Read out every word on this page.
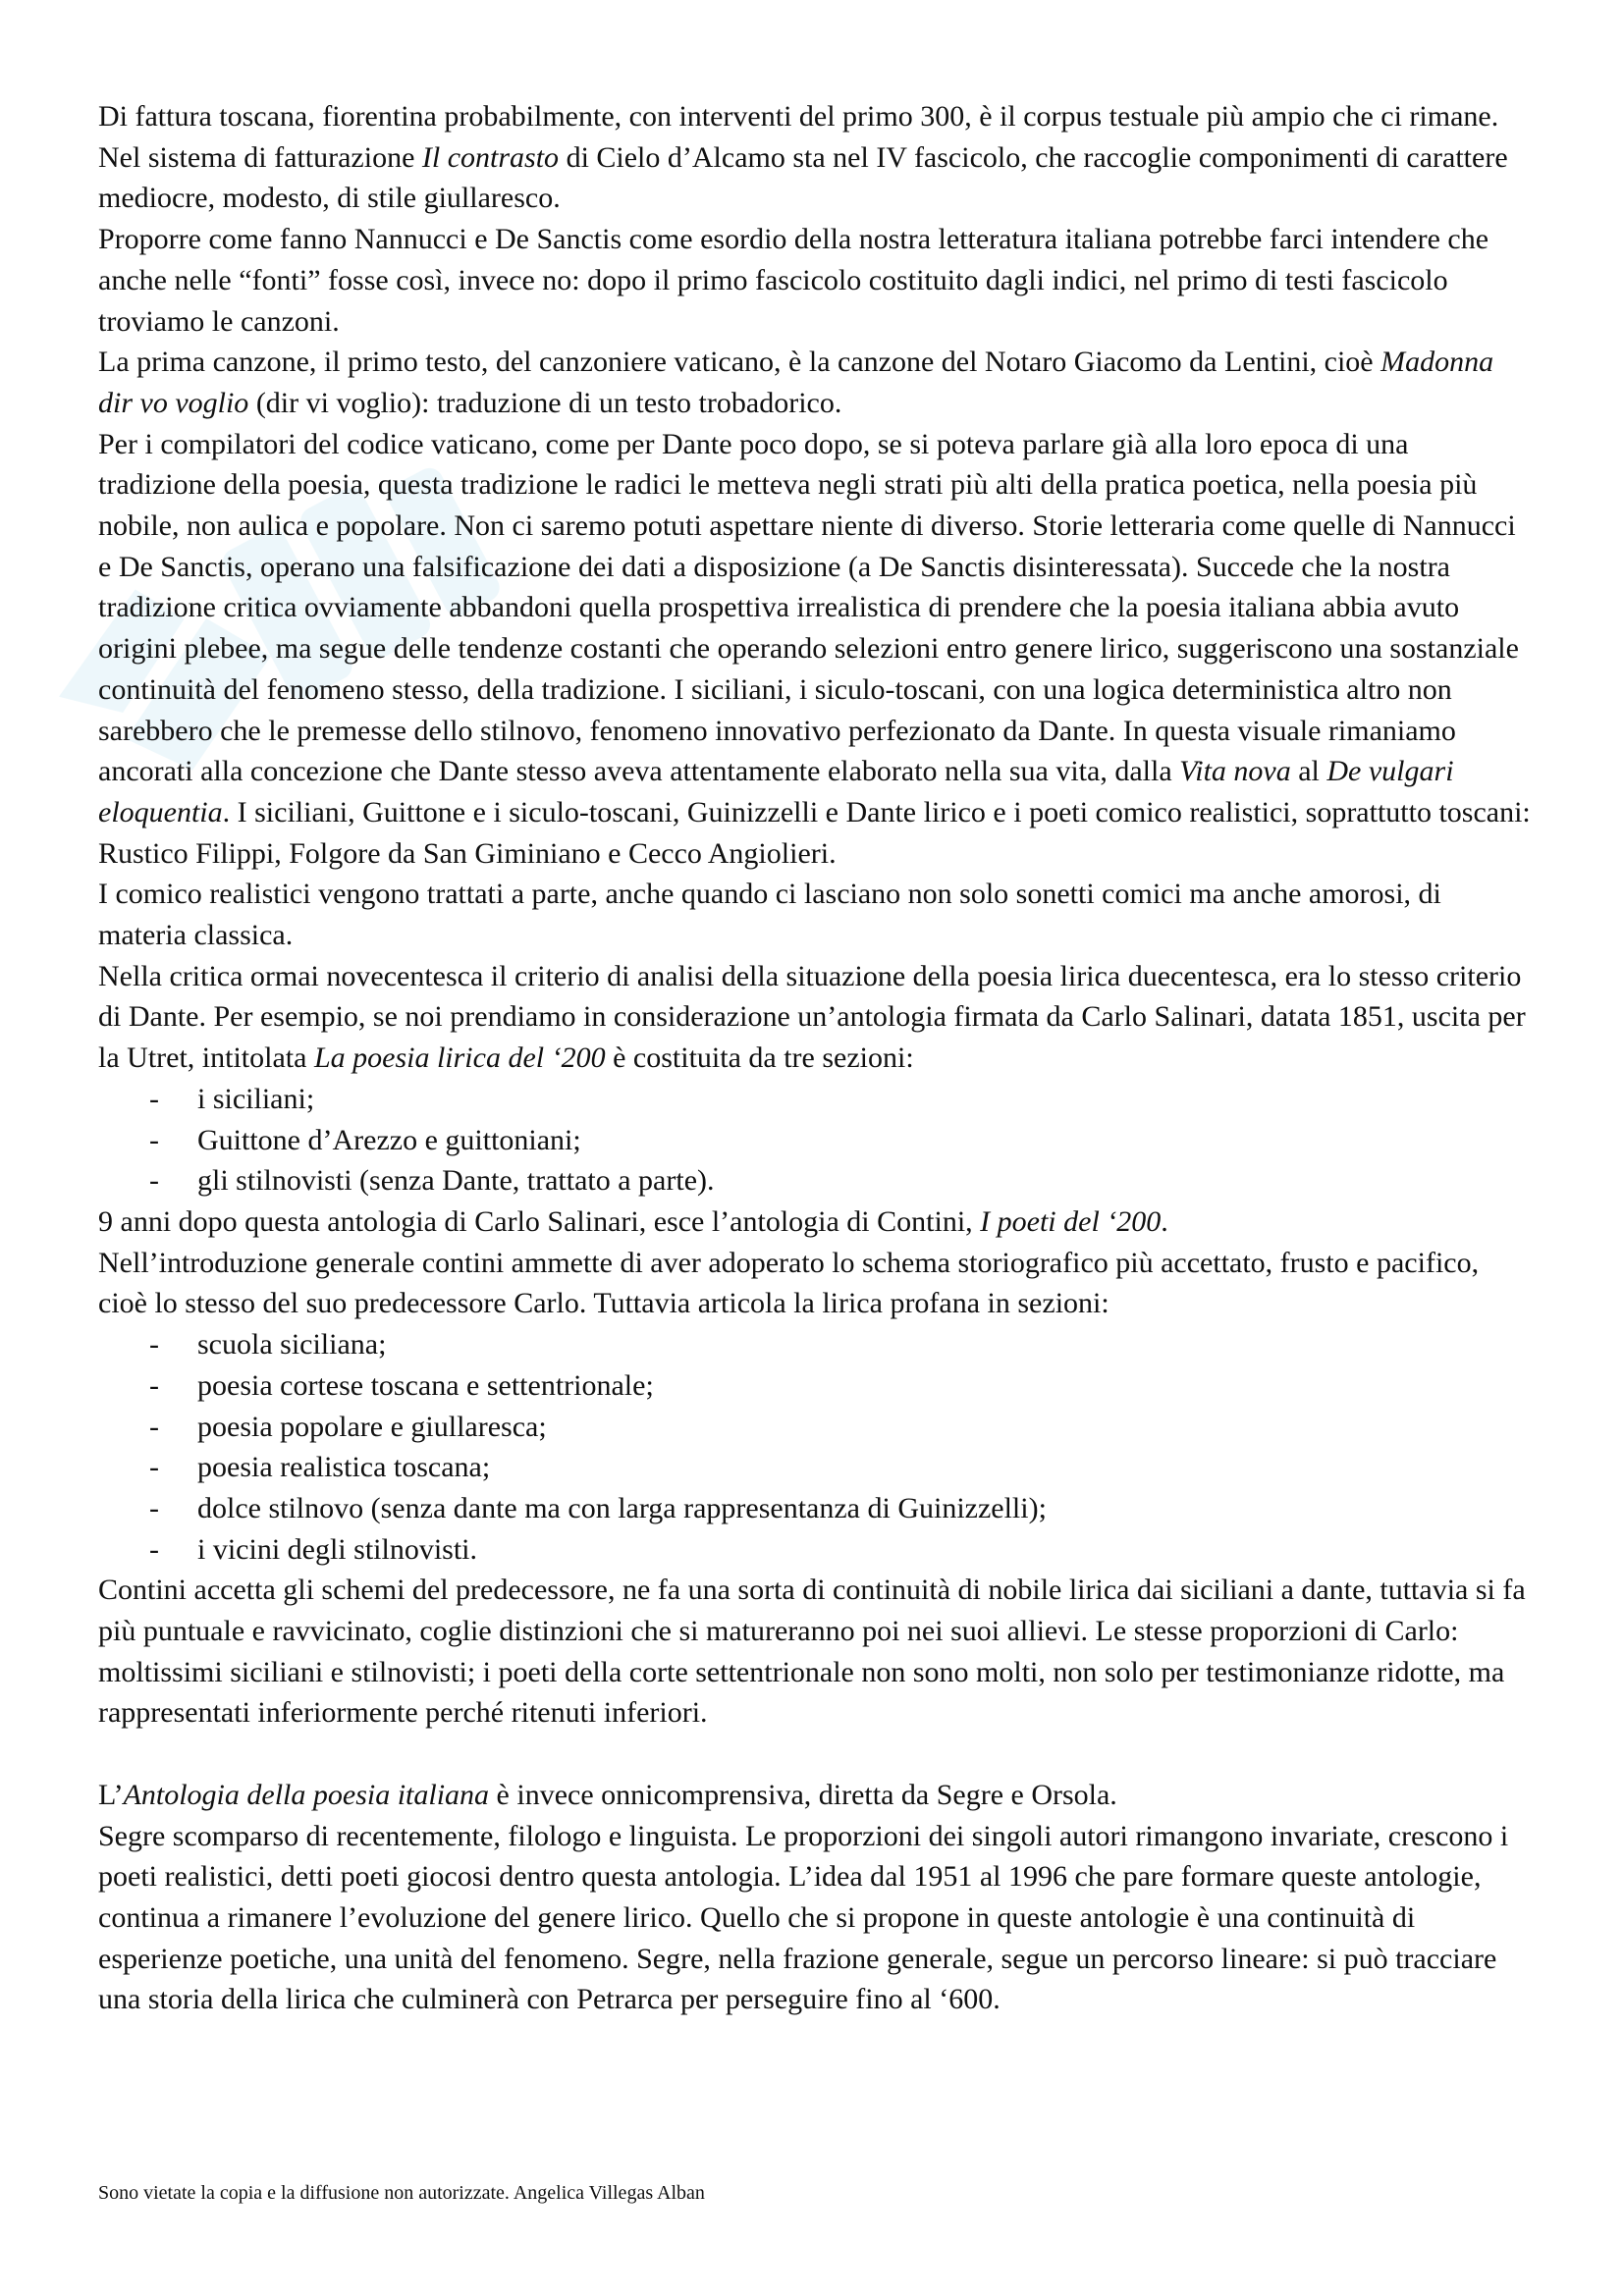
Di fattura toscana, fiorentina probabilmente, con interventi del primo 300, è il corpus testuale più ampio che ci rimane. Nel sistema di fatturazione Il contrasto di Cielo d’Alcamo sta nel IV fascicolo, che raccoglie componimenti di carattere mediocre, modesto, di stile giullaresco.

Proporre come fanno Nannucci e De Sanctis come esordio della nostra letteratura italiana potrebbe farci intendere che anche nelle “fonti” fosse così, invece no: dopo il primo fascicolo costituito dagli indici, nel primo di testi fascicolo troviamo le canzoni.

La prima canzone, il primo testo, del canzoniere vaticano, è la canzone del Notaro Giacomo da Lentini, cioè Madonna dir vo voglio (dir vi voglio): traduzione di un testo trobadorico.

Per i compilatori del codice vaticano, come per Dante poco dopo, se si poteva parlare già alla loro epoca di una tradizione della poesia, questa tradizione le radici le metteva negli strati più alti della pratica poetica, nella poesia più nobile, non aulica e popolare. Non ci saremo potuti aspettare niente di diverso. Storie letteraria come quelle di Nannucci e De Sanctis, operano una falsificazione dei dati a disposizione (a De Sanctis disinteressata). Succede che la nostra tradizione critica ovviamente abbandoni quella prospettiva irrealistica di prendere che la poesia italiana abbia avuto origini plebee, ma segue delle tendenze costanti che operando selezioni entro genere lirico, suggeriscono una sostanziale continuità del fenomeno stesso, della tradizione. I siciliani, i siculo-toscani, con una logica deterministica altro non sarebbero che le premesse dello stilnovo, fenomeno innovativo perfezionato da Dante. In questa visuale rimaniamo ancorati alla concezione che Dante stesso aveva attentamente elaborato nella sua vita, dalla Vita nova al De vulgari eloquentia. I siciliani, Guittone e i siculo-toscani, Guinizzelli e Dante lirico e i poeti comico realistici, soprattutto toscani: Rustico Filippi, Folgore da San Giminiano e Cecco Angiolieri.

I comico realistici vengono trattati a parte, anche quando ci lasciano non solo sonetti comici ma anche amorosi, di materia classica.

Nella critica ormai novecentesca il criterio di analisi della situazione della poesia lirica duecentesca, era lo stesso criterio di Dante. Per esempio, se noi prendiamo in considerazione un’antologia firmata da Carlo Salinari, datata 1851, uscita per la Utret, intitolata La poesia lirica del ‘200 è costituita da tre sezioni:

- i siciliani;
- Guittone d’Arezzo e guittoniani;
- gli stilnovisti (senza Dante, trattato a parte).

9 anni dopo questa antologia di Carlo Salinari, esce l’antologia di Contini, I poeti del ‘200.

Nell’introduzione generale contini ammette di aver adoperato lo schema storiografico più accettato, frusto e pacifico, cioè lo stesso del suo predecessore Carlo. Tuttavia articola la lirica profana in sezioni:

- scuola siciliana;
- poesia cortese toscana e settentrionale;
- poesia popolare e giullaresca;
- poesia realistica toscana;
- dolce stilnovo (senza dante ma con larga rappresentanza di Guinizzelli);
- i vicini degli stilnovisti.

Contini accetta gli schemi del predecessore, ne fa una sorta di continuità di nobile lirica dai siciliani a dante, tuttavia si fa più puntuale e ravvicinato, coglie distinzioni che si matureranno poi nei suoi allievi. Le stesse proporzioni di Carlo: moltissimi siciliani e stilnovisti; i poeti della corte settentrionale non sono molti, non solo per testimonianze ridotte, ma rappresentati inferiormente perché ritenuti inferiori.

L’Antologia della poesia italiana è invece onnicomprensiva, diretta da Segre e Orsola.

Segre scomparso di recentemente, filologo e linguista. Le proporzioni dei singoli autori rimangono invariate, crescono i poeti realistici, detti poeti giocosi dentro questa antologia. L’idea dal 1951 al 1996 che pare formare queste antologie, continua a rimanere l’evoluzione del genere lirico. Quello che si propone in queste antologie è una continuità di esperienze poetiche, una unità del fenomeno. Segre, nella frazione generale, segue un percorso lineare: si può tracciare una storia della lirica che culminerà con Petrarca per perseguire fino al ‘600.

Sono vietate la copia e la diffusione non autorizzate. Angelica Villegas Alban
